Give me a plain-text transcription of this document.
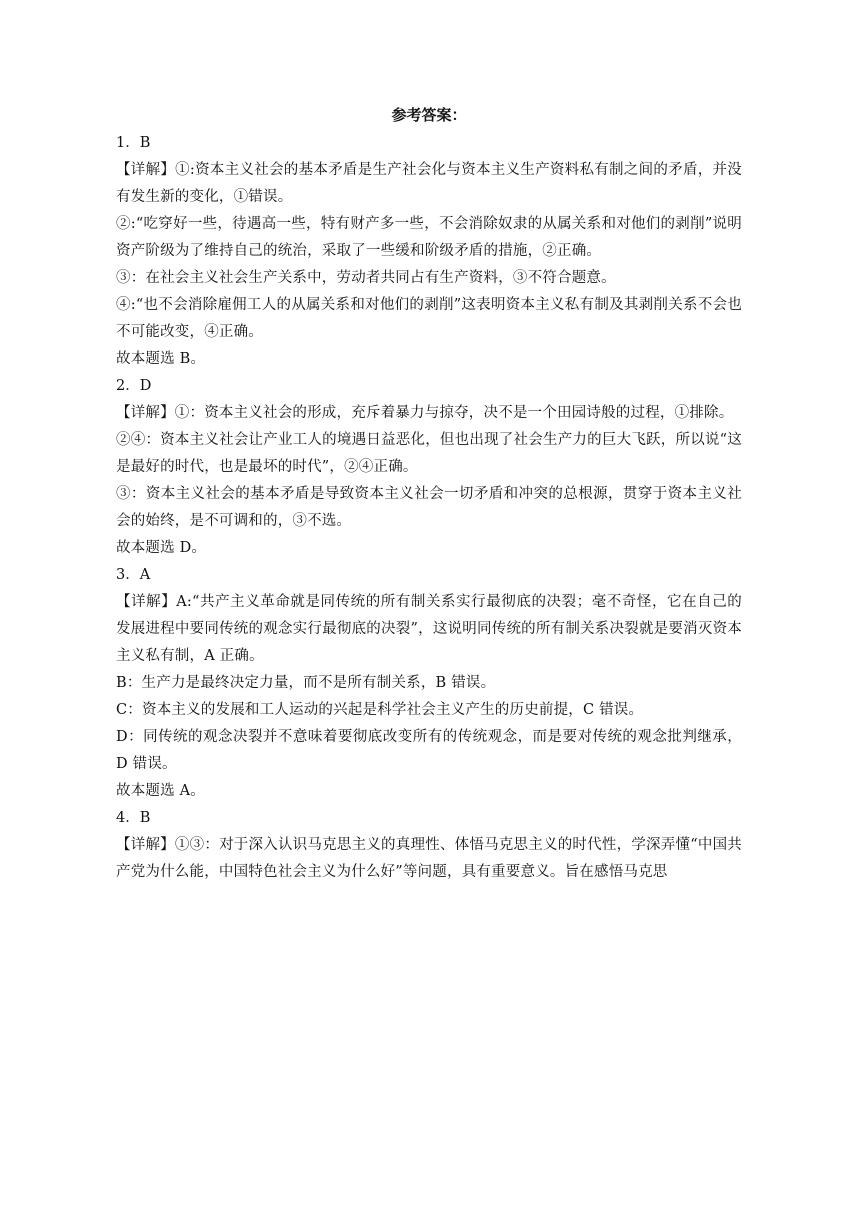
参考答案：

1．B

【详解】①:资本主义社会的基本矛盾是生产社会化与资本主义生产资料私有制之间的矛盾，并没有发生新的变化，①错误。

②:“吃穿好一些，待遇高一些，特有财产多一些，不会消除奴隶的从属关系和对他们的剥削”说明资产阶级为了维持自己的统治，采取了一些缓和阶级矛盾的措施，②正确。

③：在社会主义社会生产关系中，劳动者共同占有生产资料，③不符合题意。

④:“也不会消除雇佣工人的从属关系和对他们的剥削”这表明资本主义私有制及其剥削关系不会也不可能改变，④正确。

故本题选 B。

2．D

【详解】①：资本主义社会的形成，充斥着暴力与掠夺，决不是一个田园诗般的过程，①排除。

②④：资本主义社会让产业工人的境遇日益恶化，但也出现了社会生产力的巨大飞跃，所以说“这是最好的时代，也是最坏的时代”，②④正确。

③：资本主义社会的基本矛盾是导致资本主义社会一切矛盾和冲突的总根源，贯穿于资本主义社会的始终，是不可调和的，③不选。

故本题选 D。

3．A

【详解】A:“共产主义革命就是同传统的所有制关系实行最彻底的决裂；毫不奇怪，它在自己的发展进程中要同传统的观念实行最彻底的决裂”，这说明同传统的所有制关系决裂就是要消灭资本主义私有制，A 正确。

B：生产力是最终决定力量，而不是所有制关系，B 错误。

C：资本主义的发展和工人运动的兴起是科学社会主义产生的历史前提，C 错误。

D：同传统的观念决裂并不意味着要彻底改变所有的传统观念，而是要对传统的观念批判继承，D 错误。

故本题选 A。

4．B

【详解】①③：对于深入认识马克思主义的真理性、体悟马克思主义的时代性，学深弄懂“中国共产党为什么能，中国特色社会主义为什么好”等问题，具有重要意义。旨在感悟马克思
